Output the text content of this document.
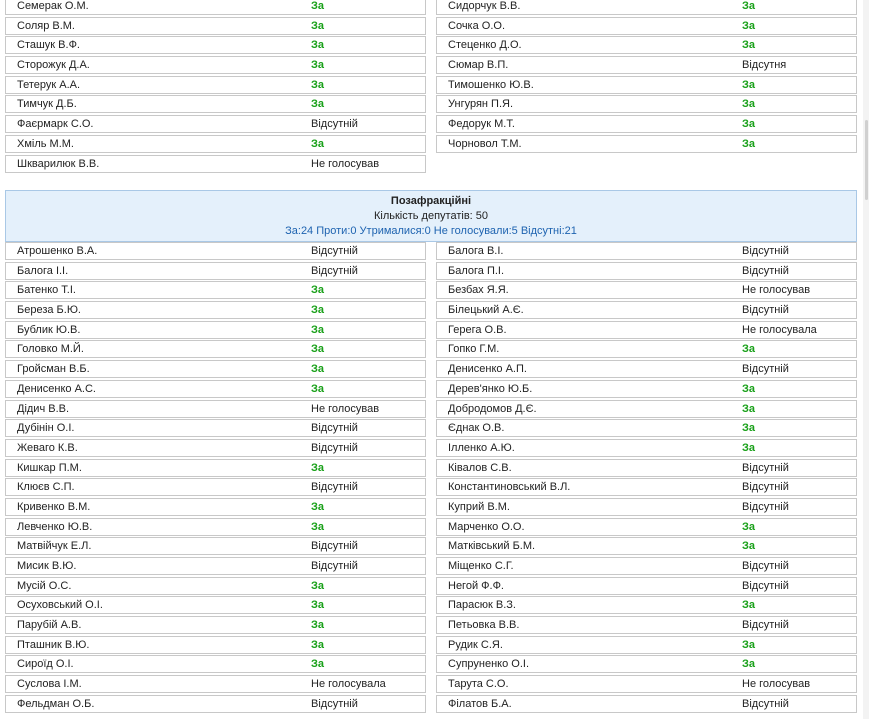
Семерак О.М.	За	Сидорчук В.В.	За
Соляр В.М.	За	Сочка О.О.	За
Сташук В.Ф.	За	Стеценко Д.О.	За
Сторожук Д.А.	За	Сюмар В.П.	Відсутня
Тетерук А.А.	За	Тимошенко Ю.В.	За
Тимчук Д.Б.	За	Унгурян П.Я.	За
Фаєрмарк С.О.	Відсутній	Федорук М.Т.	За
Хміль М.М.	За	Чорновол Т.М.	За
Шкварилюк В.В.	Не голосував
Позафракційні
Кількість депутатів: 50
За:24 Проти:0 Утрималися:0 Не голосували:5 Відсутні:21
Атрошенко В.А.	Відсутній	Балога В.І.	Відсутній
Балога І.І.	Відсутній	Балога П.І.	Відсутній
Батенко Т.І.	За	Безбах Я.Я.	Не голосував
Береза Б.Ю.	За	Білецький А.Є.	Відсутній
Бублик Ю.В.	За	Герега О.В.	Не голосувала
Головко М.Й.	За	Гопко Г.М.	За
Гройсман В.Б.	За	Денисенко А.П.	Відсутній
Денисенко А.С.	За	Дерев'янко Ю.Б.	За
Дідич В.В.	Не голосував	Добродомов Д.Є.	За
Дубінін О.І.	Відсутній	Єднак О.В.	За
Жеваго К.В.	Відсутній	Ілленко А.Ю.	За
Кишкар П.М.	За	Ківалов С.В.	Відсутній
Клюєв С.П.	Відсутній	Константиновський В.Л.	Відсутній
Кривенко В.М.	За	Куприй В.М.	Відсутній
Левченко Ю.В.	За	Марченко О.О.	За
Матвійчук Е.Л.	Відсутній	Матківський Б.М.	За
Мисик В.Ю.	Відсутній	Міщенко С.Г.	Відсутній
Мусій О.С.	За	Негой Ф.Ф.	Відсутній
Осуховський О.І.	За	Парасюк В.З.	За
Парубій А.В.	За	Петьовка В.В.	Відсутній
Пташник В.Ю.	За	Рудик С.Я.	За
Сироїд О.І.	За	Супруненко О.І.	За
Суслова І.М.	Не голосувала	Тарута С.О.	Не голосував
Фельдман О.Б.	Відсутній	Філатов Б.А.	Відсутній
